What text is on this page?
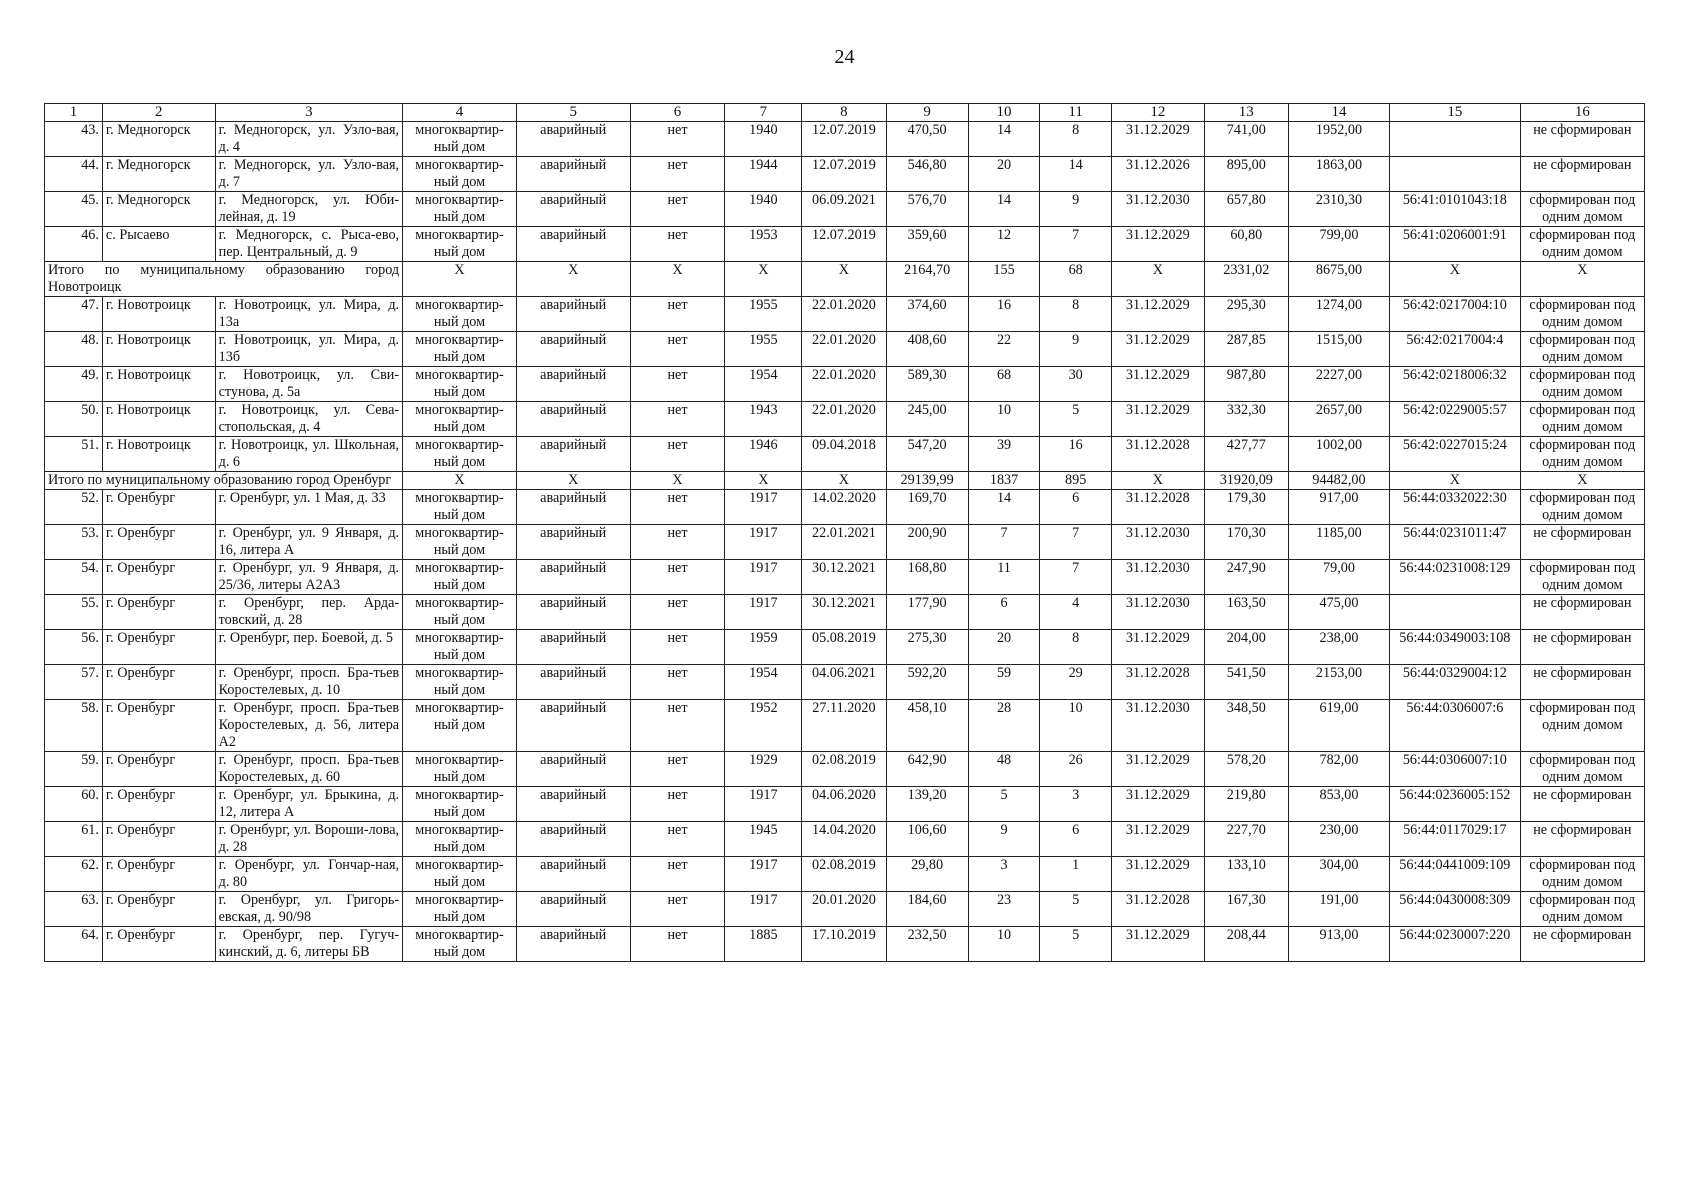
24
1	2	3	4	5	6	7	8	9	10	11	12	13	14	15	16
43.	г. Медногорск	г. Медногорск, ул. Узло-вая, д. 4	многоквартир-ный дом	аварийный	нет	1940	12.07.2019	470,50	14	8	31.12.2029	741,00	1952,00		не сформирован
44.	г. Медногорск	г. Медногорск, ул. Узло-вая, д. 7	многоквартир-ный дом	аварийный	нет	1944	12.07.2019	546,80	20	14	31.12.2026	895,00	1863,00		не сформирован
45.	г. Медногорск	г. Медногорск, ул. Юби-лейная, д. 19	многоквартир-ный дом	аварийный	нет	1940	06.09.2021	576,70	14	9	31.12.2030	657,80	2310,30	56:41:0101043:18	сформирован под одним домом
46.	с. Рысаево	г. Медногорск, с. Рыса-ево, пер. Центральный, д. 9	многоквартир-ный дом	аварийный	нет	1953	12.07.2019	359,60	12	7	31.12.2029	60,80	799,00	56:41:0206001:91	сформирован под одним домом
Итого по муниципальному образованию город Новотроицк			X	X	X	X	X	2164,70	155	68	X	2331,02	8675,00	X	X
47.	г. Новотроицк	г. Новотроицк, ул. Мира, д. 13а	многоквартир-ный дом	аварийный	нет	1955	22.01.2020	374,60	16	8	31.12.2029	295,30	1274,00	56:42:0217004:10	сформирован под одним домом
48.	г. Новотроицк	г. Новотроицк, ул. Мира, д. 13б	многоквартир-ный дом	аварийный	нет	1955	22.01.2020	408,60	22	9	31.12.2029	287,85	1515,00	56:42:0217004:4	сформирован под одним домом
49.	г. Новотроицк	г. Новотроицк, ул. Сви-стунова, д. 5а	многоквартир-ный дом	аварийный	нет	1954	22.01.2020	589,30	68	30	31.12.2029	987,80	2227,00	56:42:0218006:32	сформирован под одним домом
50.	г. Новотроицк	г. Новотроицк, ул. Сева-стопольская, д. 4	многоквартир-ный дом	аварийный	нет	1943	22.01.2020	245,00	10	5	31.12.2029	332,30	2657,00	56:42:0229005:57	сформирован под одним домом
51.	г. Новотроицк	г. Новотроицк, ул. Школьная, д. 6	многоквартир-ный дом	аварийный	нет	1946	09.04.2018	547,20	39	16	31.12.2028	427,77	1002,00	56:42:0227015:24	сформирован под одним домом
Итого по муниципальному образованию город Оренбург			X	X	X	X	X	29139,99	1837	895	X	31920,09	94482,00	X	X
52.	г. Оренбург	г. Оренбург, ул. 1 Мая, д. 33	многоквартир-ный дом	аварийный	нет	1917	14.02.2020	169,70	14	6	31.12.2028	179,30	917,00	56:44:0332022:30	сформирован под одним домом
53.	г. Оренбург	г. Оренбург, ул. 9 Января, д. 16, литера А	многоквартир-ный дом	аварийный	нет	1917	22.01.2021	200,90	7	7	31.12.2030	170,30	1185,00	56:44:0231011:47	не сформирован
54.	г. Оренбург	г. Оренбург, ул. 9 Января, д. 25/36, литеры А2А3	многоквартир-ный дом	аварийный	нет	1917	30.12.2021	168,80	11	7	31.12.2030	247,90	79,00	56:44:0231008:129	сформирован под одним домом
55.	г. Оренбург	г. Оренбург, пер. Арда-товский, д. 28	многоквартир-ный дом	аварийный	нет	1917	30.12.2021	177,90	6	4	31.12.2030	163,50	475,00		не сформирован
56.	г. Оренбург	г. Оренбург, пер. Боевой, д. 5	многоквартир-ный дом	аварийный	нет	1959	05.08.2019	275,30	20	8	31.12.2029	204,00	238,00	56:44:0349003:108	не сформирован
57.	г. Оренбург	г. Оренбург, просп. Бра-тьев Коростелевых, д. 10	многоквартир-ный дом	аварийный	нет	1954	04.06.2021	592,20	59	29	31.12.2028	541,50	2153,00	56:44:0329004:12	не сформирован
58.	г. Оренбург	г. Оренбург, просп. Бра-тьев Коростелевых, д. 56, литера А2	многоквартир-ный дом	аварийный	нет	1952	27.11.2020	458,10	28	10	31.12.2030	348,50	619,00	56:44:0306007:6	сформирован под одним домом
59.	г. Оренбург	г. Оренбург, просп. Бра-тьев Коростелевых, д. 60	многоквартир-ный дом	аварийный	нет	1929	02.08.2019	642,90	48	26	31.12.2029	578,20	782,00	56:44:0306007:10	сформирован под одним домом
60.	г. Оренбург	г. Оренбург, ул. Брыкина, д. 12, литера А	многоквартир-ный дом	аварийный	нет	1917	04.06.2020	139,20	5	3	31.12.2029	219,80	853,00	56:44:0236005:152	не сформирован
61.	г. Оренбург	г. Оренбург, ул. Вороши-лова, д. 28	многоквартир-ный дом	аварийный	нет	1945	14.04.2020	106,60	9	6	31.12.2029	227,70	230,00	56:44:0117029:17	не сформирован
62.	г. Оренбург	г. Оренбург, ул. Гончар-ная, д. 80	многоквартир-ный дом	аварийный	нет	1917	02.08.2019	29,80	3	1	31.12.2029	133,10	304,00	56:44:0441009:109	сформирован под одним домом
63.	г. Оренбург	г. Оренбург, ул. Григорь-евская, д. 90/98	многоквартир-ный дом	аварийный	нет	1917	20.01.2020	184,60	23	5	31.12.2028	167,30	191,00	56:44:0430008:309	сформирован под одним домом
64.	г. Оренбург	г. Оренбург, пер. Гугуч-кинский, д. 6, литеры БВ	многоквартир-ный дом	аварийный	нет	1885	17.10.2019	232,50	10	5	31.12.2029	208,44	913,00	56:44:0230007:220	не сформирован
